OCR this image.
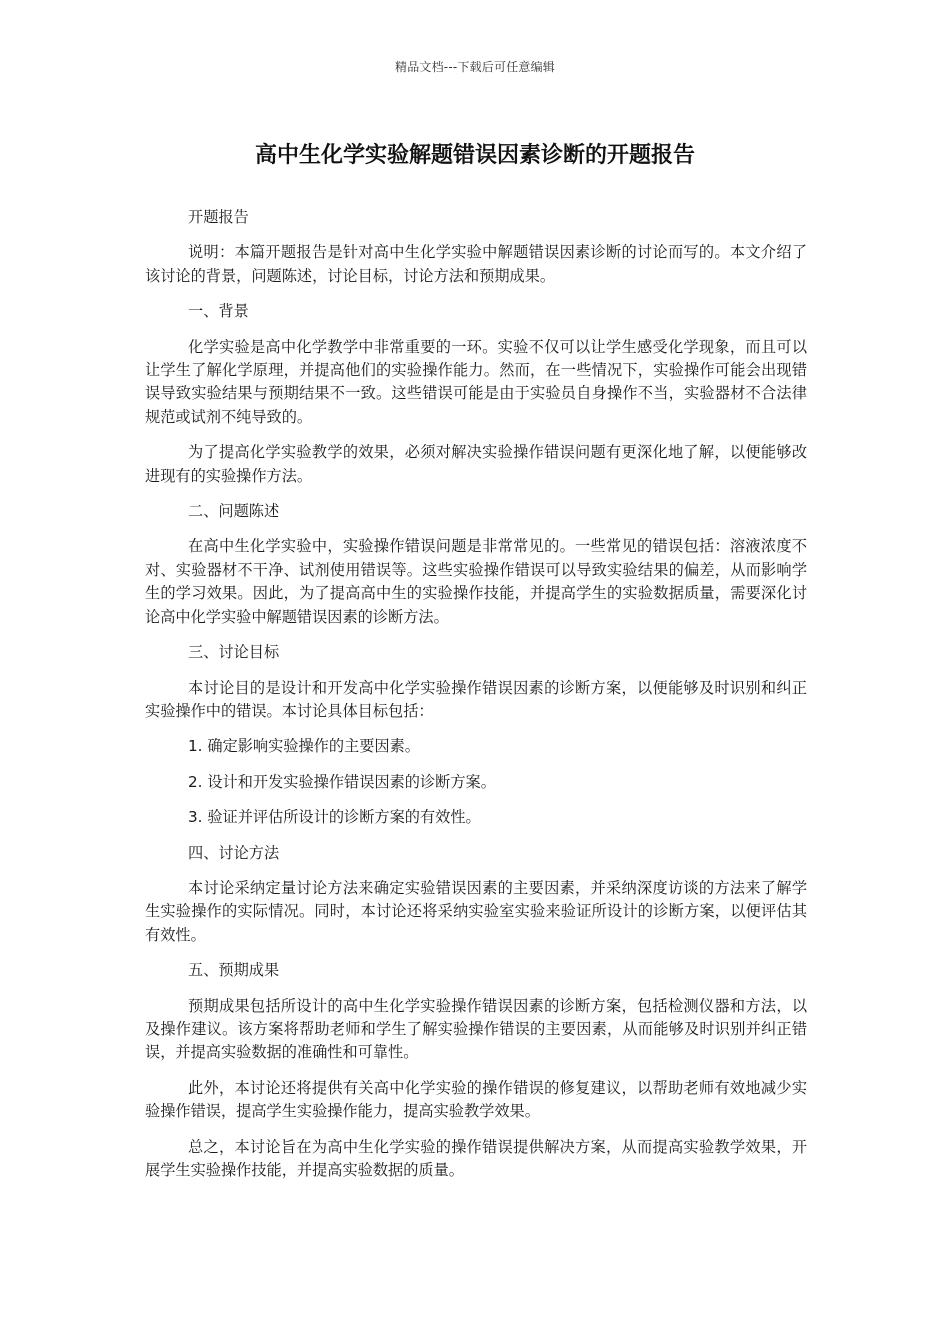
精品文档---下载后可任意编辑
高中生化学实验解题错误因素诊断的开题报告

开题报告

说明：本篇开题报告是针对高中生化学实验中解题错误因素诊断的讨论而写的。本文介绍了该讨论的背景，问题陈述，讨论目标，讨论方法和预期成果。

一、背景

化学实验是高中化学教学中非常重要的一环。实验不仅可以让学生感受化学现象，而且可以让学生了解化学原理，并提高他们的实验操作能力。然而，在一些情况下，实验操作可能会出现错误导致实验结果与预期结果不一致。这些错误可能是由于实验员自身操作不当，实验器材不合法律规范或试剂不纯导致的。

为了提高化学实验教学的效果，必须对解决实验操作错误问题有更深化地了解，以便能够改进现有的实验操作方法。

二、问题陈述

在高中生化学实验中，实验操作错误问题是非常常见的。一些常见的错误包括：溶液浓度不对、实验器材不干净、试剂使用错误等。这些实验操作错误可以导致实验结果的偏差，从而影响学生的学习效果。因此，为了提高高中生的实验操作技能，并提高学生的实验数据质量，需要深化讨论高中化学实验中解题错误因素的诊断方法。

三、讨论目标

本讨论目的是设计和开发高中化学实验操作错误因素的诊断方案，以便能够及时识别和纠正实验操作中的错误。本讨论具体目标包括：

1. 确定影响实验操作的主要因素。

2. 设计和开发实验操作错误因素的诊断方案。

3. 验证并评估所设计的诊断方案的有效性。

四、讨论方法

本讨论采纳定量讨论方法来确定实验错误因素的主要因素，并采纳深度访谈的方法来了解学生实验操作的实际情况。同时，本讨论还将采纳实验室实验来验证所设计的诊断方案，以便评估其有效性。

五、预期成果

预期成果包括所设计的高中生化学实验操作错误因素的诊断方案，包括检测仪器和方法，以及操作建议。该方案将帮助老师和学生了解实验操作错误的主要因素，从而能够及时识别并纠正错误，并提高实验数据的准确性和可靠性。

此外，本讨论还将提供有关高中化学实验的操作错误的修复建议，以帮助老师有效地减少实验操作错误，提高学生实验操作能力，提高实验教学效果。

总之，本讨论旨在为高中生化学实验的操作错误提供解决方案，从而提高实验教学效果，开展学生实验操作技能，并提高实验数据的质量。
